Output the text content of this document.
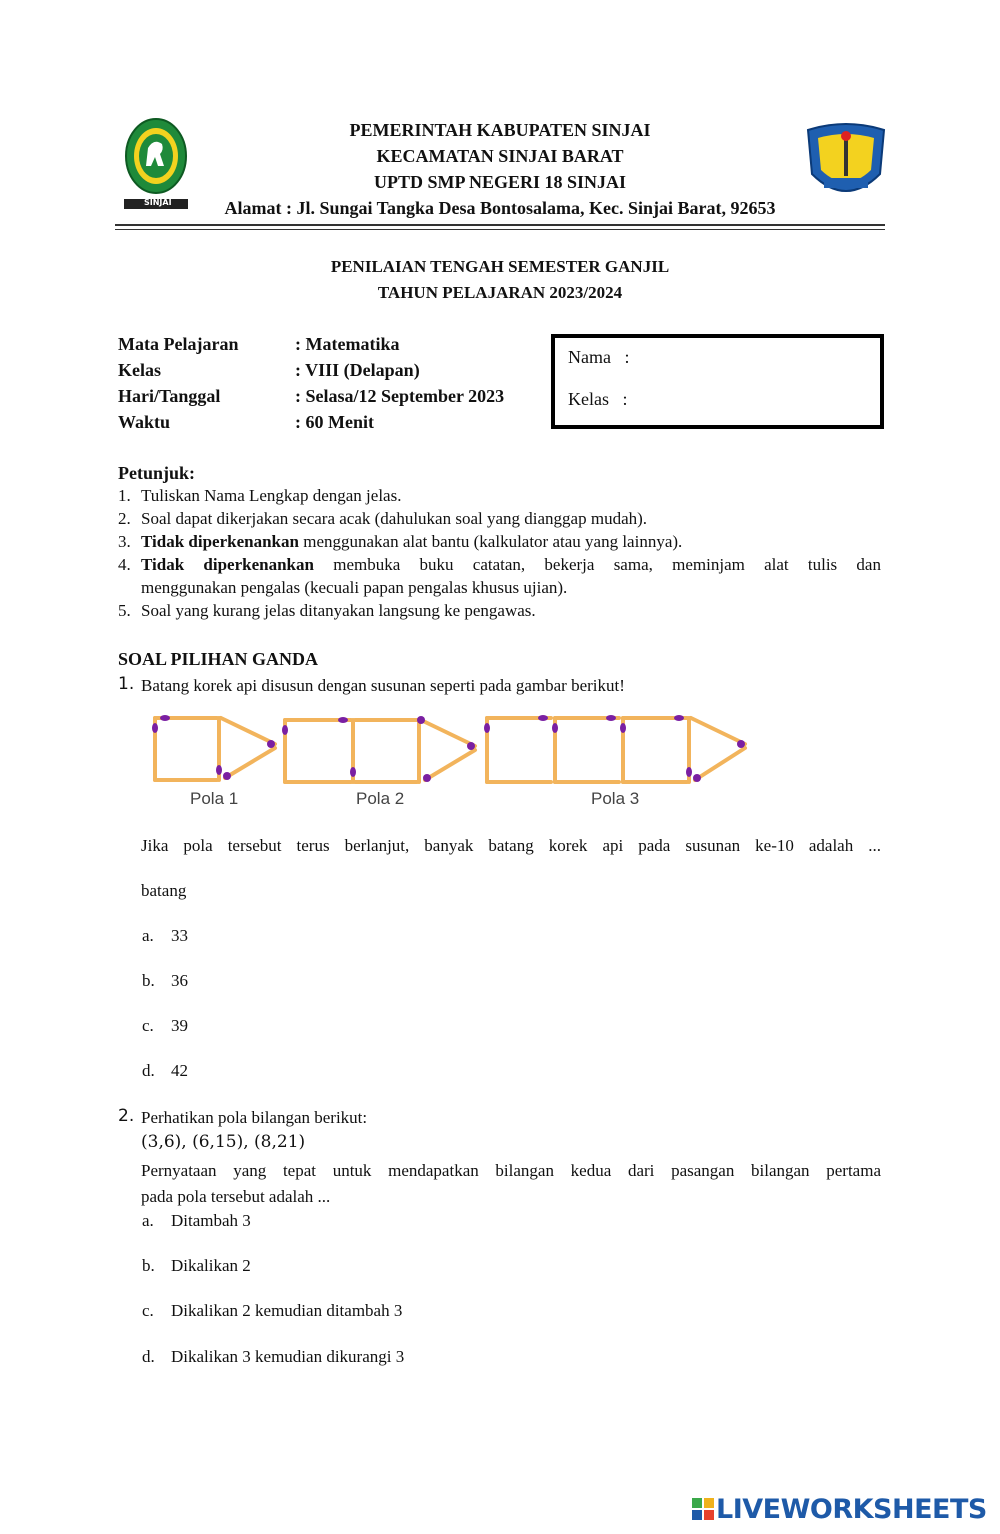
SINJAI
PEMERINTAH KABUPATEN SINJAI
KECAMATAN SINJAI BARAT
UPTD SMP NEGERI 18 SINJAI
Alamat : Jl. Sungai Tangka Desa Bontosalama, Kec. Sinjai Barat, 92653
PENILAIAN TENGAH SEMESTER GANJIL
TAHUN PELAJARAN 2023/2024
Mata Pelajaran	: Matematika
Kelas	: VIII (Delapan)
Hari/Tanggal	: Selasa/12 September 2023
Waktu	: 60 Menit
Nama   :
Kelas   :
Petunjuk:
1. Tuliskan Nama Lengkap dengan jelas.
2. Soal dapat dikerjakan secara acak (dahulukan soal yang dianggap mudah).
3. Tidak diperkenankan menggunakan alat bantu (kalkulator atau yang lainnya).
4. Tidak diperkenankan membuka buku catatan, bekerja sama, meminjam alat tulis dan
menggunakan pengalas (kecuali papan pengalas khusus ujian).
5. Soal yang kurang jelas ditanyakan langsung ke pengawas.
SOAL PILIHAN GANDA
1. Batang korek api disusun dengan susunan seperti pada gambar berikut!
Pola 1	Pola 2	Pola 3
Jika pola tersebut terus berlanjut, banyak batang korek api pada susunan ke-10 adalah ...
batang
a. 33
b. 36
c. 39
d. 42
2. Perhatikan pola bilangan berikut:
(3,6), (6,15), (8,21)
Pernyataan yang tepat untuk mendapatkan bilangan kedua dari pasangan bilangan pertama
pada pola tersebut adalah ...
a. Ditambah 3
b. Dikalikan 2
c. Dikalikan 2 kemudian ditambah 3
d. Dikalikan 3 kemudian dikurangi 3
LIVEWORKSHEETS
